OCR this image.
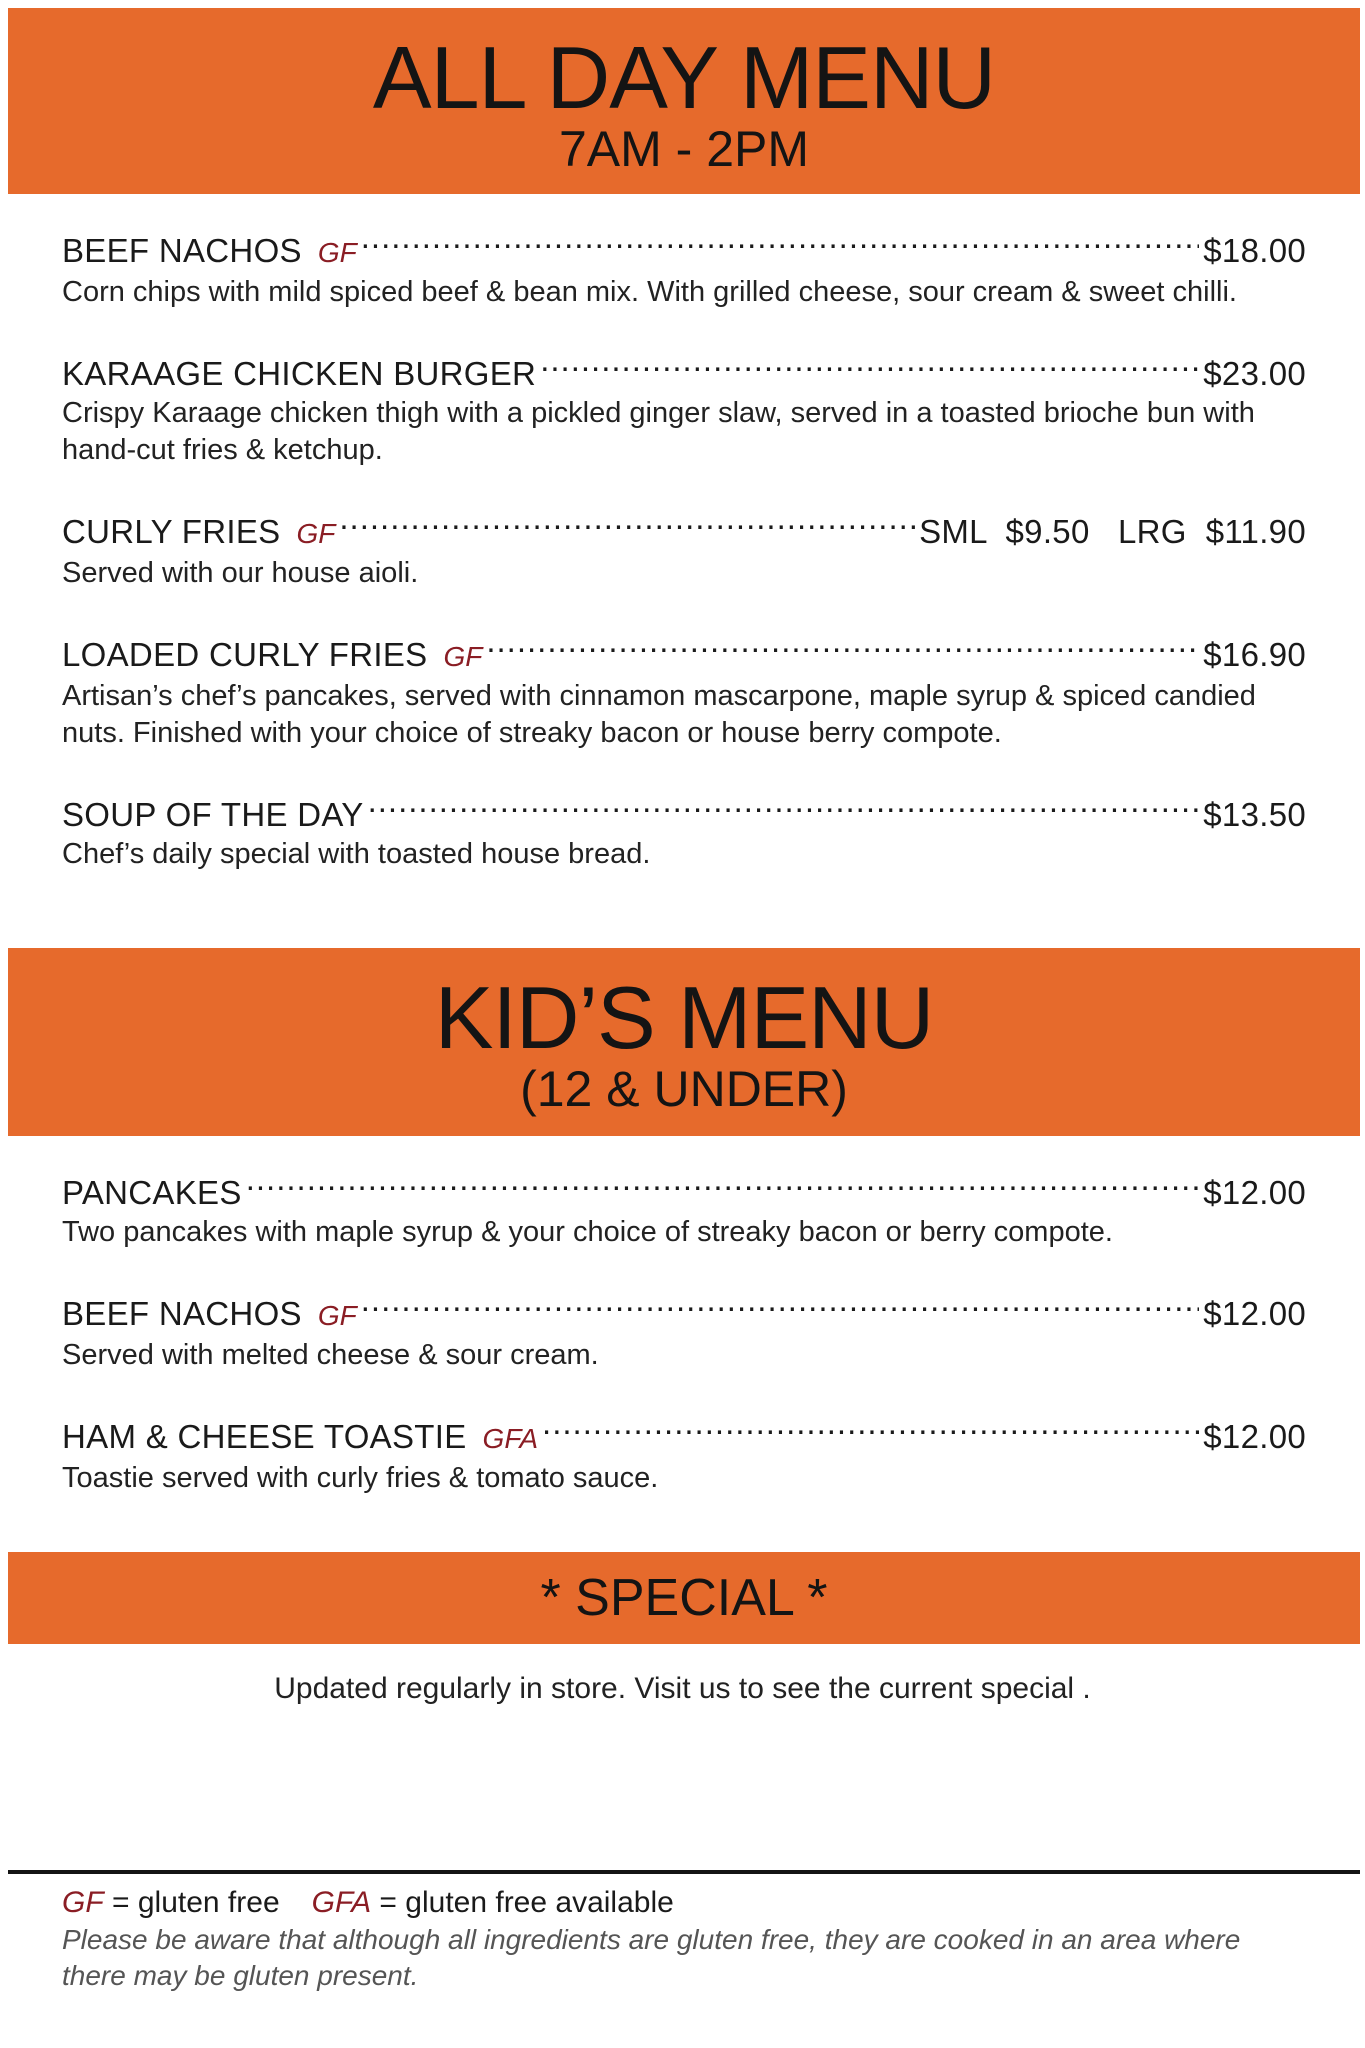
ALL DAY MENU
7AM - 2PM
BEEF NACHOS GF .....	$18.00
Corn chips with mild spiced beef & bean mix. With grilled cheese, sour cream & sweet chilli.
KARAAGE CHICKEN BURGER .....	$23.00
Crispy Karaage chicken thigh with a pickled ginger slaw, served in a toasted brioche bun with hand-cut fries & ketchup.
CURLY FRIES GF .....	SML  $9.50   LRG  $11.90
Served with our house aioli.
LOADED CURLY FRIES GF .....	$16.90
Artisan’s chef’s pancakes, served with cinnamon mascarpone, maple syrup & spiced candied nuts. Finished with your choice of streaky bacon or house berry compote.
SOUP OF THE DAY .....	$13.50
Chef’s daily special with toasted house bread.
KID’S MENU
(12 & UNDER)
PANCAKES .....	$12.00
Two pancakes with maple syrup & your choice of streaky bacon or berry compote.
BEEF NACHOS GF .....	$12.00
Served with melted cheese & sour cream.
HAM & CHEESE TOASTIE GFA .....	$12.00
Toastie served with curly fries & tomato sauce.
* SPECIAL *
Updated regularly in store. Visit us to see the current special .
GF = gluten free GFA = gluten free available
Please be aware that although all ingredients are gluten free, they are cooked in an area where there may be gluten present.
